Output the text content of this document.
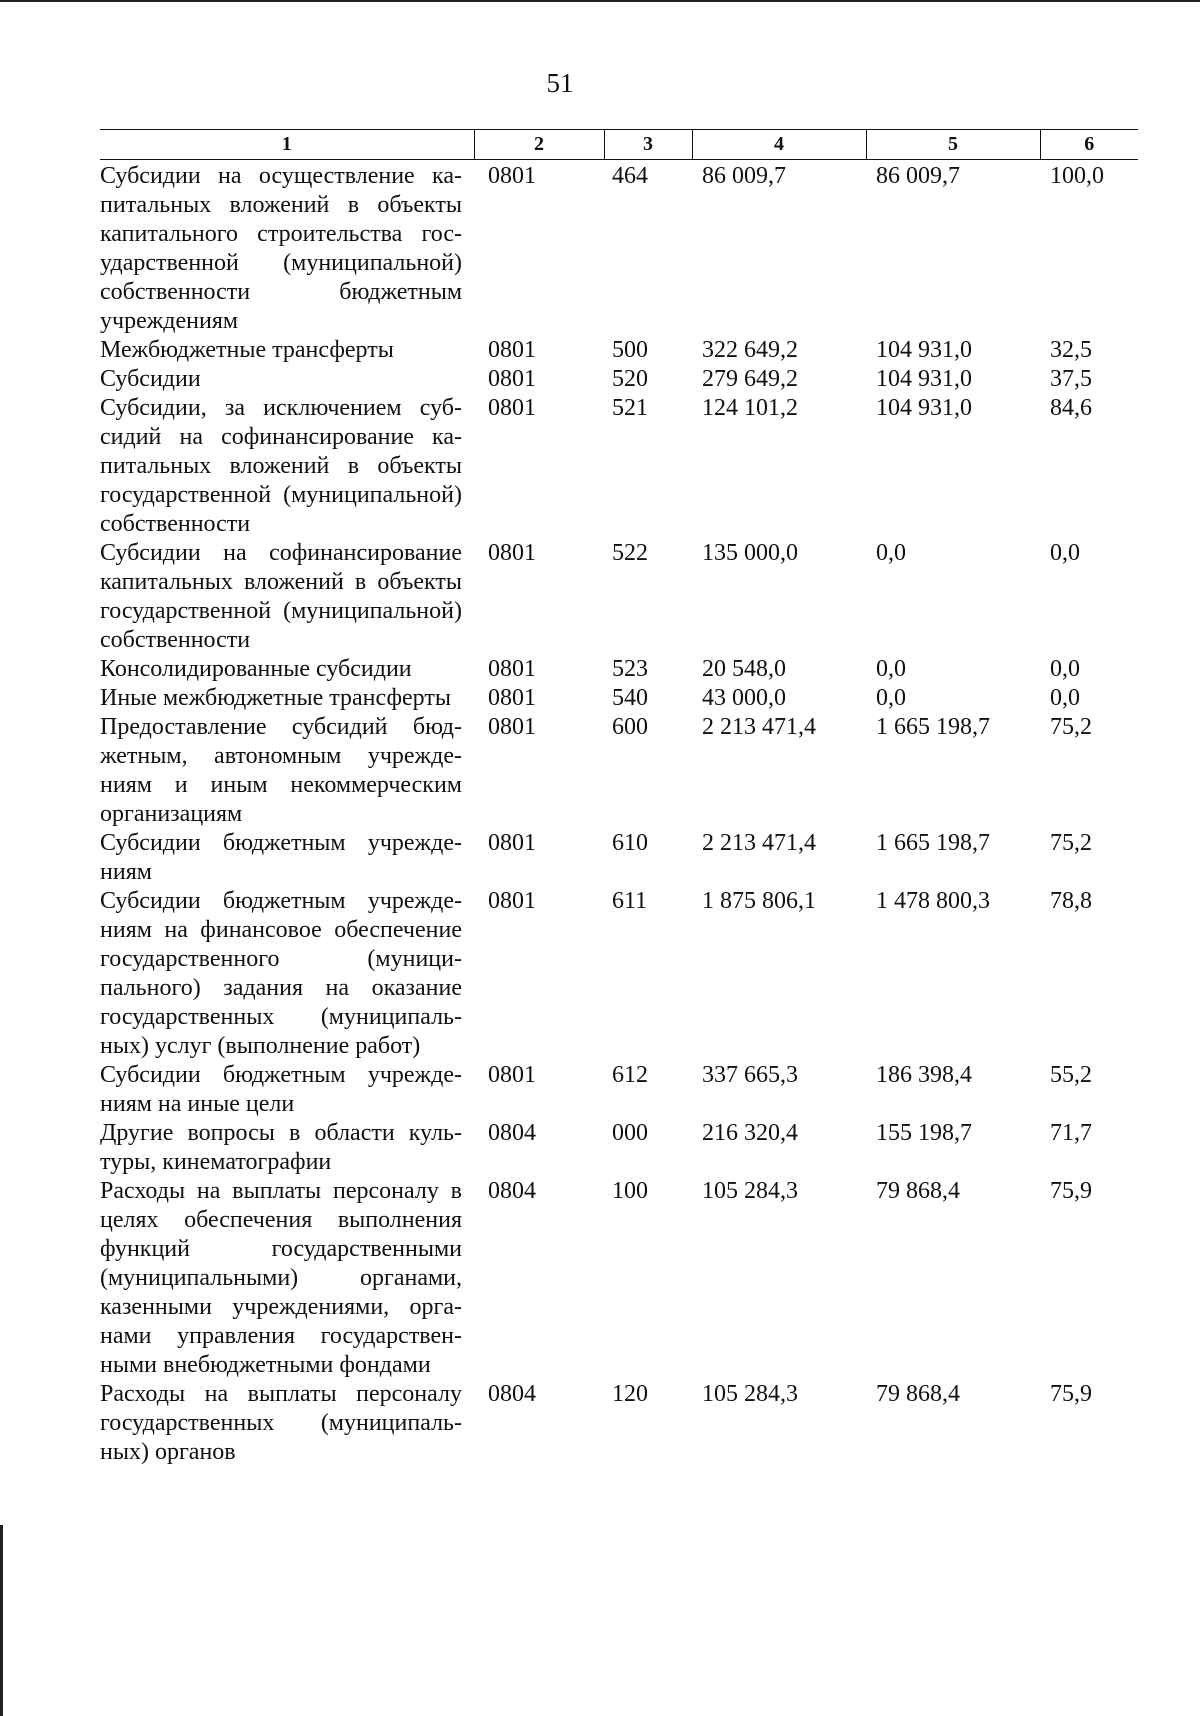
51
1	2	3	4	5	6
Субсидии на осуществление капитальных вложений в объекты капитального строительства государственной (муниципальной) собственности бюджетным учреждениям	0801	464	86 009,7	86 009,7	100,0
Межбюджетные трансферты	0801	500	322 649,2	104 931,0	32,5
Субсидии	0801	520	279 649,2	104 931,0	37,5
Субсидии, за исключением субсидий на софинансирование капитальных вложений в объекты государственной (муниципальной) собственности	0801	521	124 101,2	104 931,0	84,6
Субсидии на софинансирование капитальных вложений в объекты государственной (муниципальной) собственности	0801	522	135 000,0	0,0	0,0
Консолидированные субсидии	0801	523	20 548,0	0,0	0,0
Иные межбюджетные трансферты	0801	540	43 000,0	0,0	0,0
Предоставление субсидий бюджетным, автономным учреждениям и иным некоммерческим организациям	0801	600	2 213 471,4	1 665 198,7	75,2
Субсидии бюджетным учреждениям	0801	610	2 213 471,4	1 665 198,7	75,2
Субсидии бюджетным учреждениям на финансовое обеспечение государственного (муниципального) задания на оказание государственных (муниципальных) услуг (выполнение работ)	0801	611	1 875 806,1	1 478 800,3	78,8
Субсидии бюджетным учреждениям на иные цели	0801	612	337 665,3	186 398,4	55,2
Другие вопросы в области культуры, кинематографии	0804	000	216 320,4	155 198,7	71,7
Расходы на выплаты персоналу в целях обеспечения выполнения функций государственными (муниципальными) органами, казенными учреждениями, органами управления государственными внебюджетными фондами	0804	100	105 284,3	79 868,4	75,9
Расходы на выплаты персоналу государственных (муниципальных) органов	0804	120	105 284,3	79 868,4	75,9
